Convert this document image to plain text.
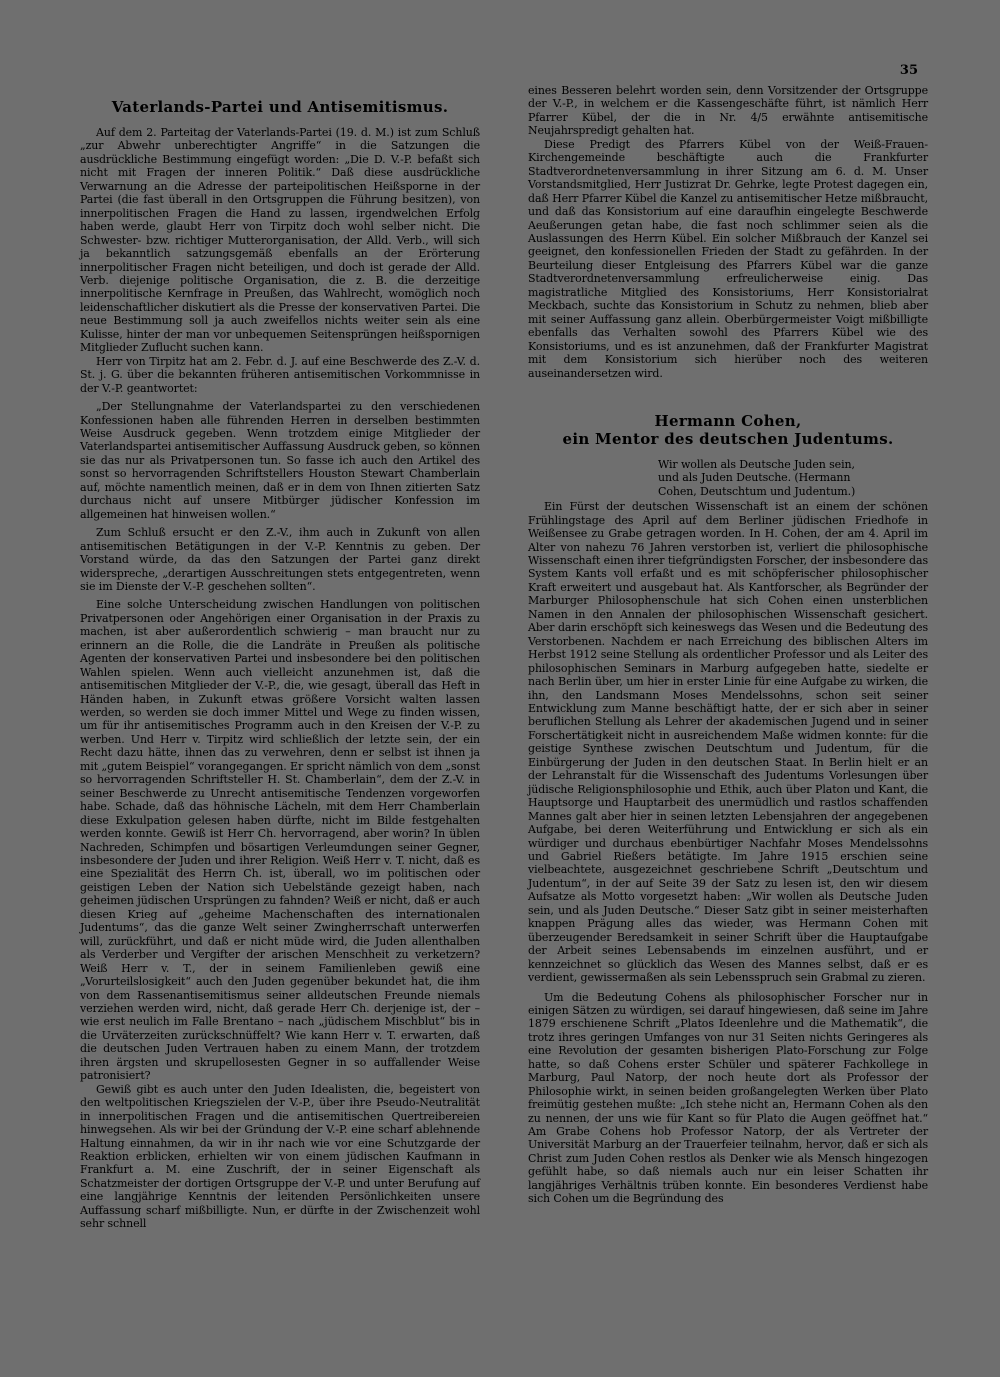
35
Vaterlands-Partei und Antisemitismus.

Auf dem 2. Parteitag der Vaterlands-Partei (19. d. M.) ist zum Schluß „zur Abwehr unberechtigter Angriffe“ in die Satzungen die ausdrückliche Bestimmung eingefügt worden: „Die D. V.-P. befaßt sich nicht mit Fragen der inneren Politik.“ Daß diese ausdrückliche Verwarnung an die Adresse der parteipolitischen Heißsporne in der Partei (die fast überall in den Ortsgruppen die Führung besitzen), von innerpolitischen Fragen die Hand zu lassen, irgendwelchen Erfolg haben werde, glaubt Herr von Tirpitz doch wohl selber nicht. Die Schwester- bzw. richtiger Mutterorganisation, der Alld. Verb., will sich ja bekanntlich satzungsgemäß ebenfalls an der Erörterung innerpolitischer Fragen nicht beteiligen, und doch ist gerade der Alld. Verb. diejenige politische Organisation, die z. B. die derzeitige innerpolitische Kernfrage in Preußen, das Wahlrecht, womöglich noch leidenschaftlicher diskutiert als die Presse der konservativen Partei. Die neue Bestimmung soll ja auch zweifellos nichts weiter sein als eine Kulisse, hinter der man vor unbequemen Seitensprüngen heißspornigen Mitglieder Zuflucht suchen kann.

Herr von Tirpitz hat am 2. Febr. d. J. auf eine Beschwerde des Z.-V. d. St. j. G. über die bekannten früheren antisemitischen Vorkommnisse in der V.-P. geantwortet:

„Der Stellungnahme der Vaterlandspartei zu den verschiedenen Konfessionen haben alle führenden Herren in derselben bestimmten Weise Ausdruck gegeben. Wenn trotzdem einige Mitglieder der Vaterlandspartei antisemitischer Auffassung Ausdruck geben, so können sie das nur als Privatpersonen tun. So fasse ich auch den Artikel des sonst so hervorragenden Schriftstellers Houston Stewart Chamberlain auf, möchte namentlich meinen, daß er in dem von Ihnen zitierten Satz durchaus nicht auf unsere Mitbürger jüdischer Konfession im allgemeinen hat hinweisen wollen.“

Zum Schluß ersucht er den Z.-V., ihm auch in Zukunft von allen antisemitischen Betätigungen in der V.-P. Kenntnis zu geben. Der Vorstand würde, da das den Satzungen der Partei ganz direkt widerspreche, „derartigen Ausschreitungen stets entgegentreten, wenn sie im Dienste der V.-P. geschehen sollten“.

Eine solche Unterscheidung zwischen Handlungen von politischen Privatpersonen oder Angehörigen einer Organisation in der Praxis zu machen, ist aber außerordentlich schwierig – man braucht nur zu erinnern an die Rolle, die die Landräte in Preußen als politische Agenten der konservativen Partei und insbesondere bei den politischen Wahlen spielen. Wenn auch vielleicht anzunehmen ist, daß die antisemitischen Mitglieder der V.-P., die, wie gesagt, überall das Heft in Händen haben, in Zukunft etwas größere Vorsicht walten lassen werden, so werden sie doch immer Mittel und Wege zu finden wissen, um für ihr antisemitisches Programm auch in den Kreisen der V.-P. zu werben. Und Herr v. Tirpitz wird schließlich der letzte sein, der ein Recht dazu hätte, ihnen das zu verwehren, denn er selbst ist ihnen ja mit „gutem Beispiel“ vorangegangen. Er spricht nämlich von dem „sonst so hervorragenden Schriftsteller H. St. Chamberlain“, dem der Z.-V. in seiner Beschwerde zu Unrecht antisemitische Tendenzen vorgeworfen habe. Schade, daß das höhnische Lächeln, mit dem Herr Chamberlain diese Exkulpation gelesen haben dürfte, nicht im Bilde festgehalten werden konnte. Gewiß ist Herr Ch. hervorragend, aber worin? In üblen Nachreden, Schimpfen und bösartigen Verleumdungen seiner Gegner, insbesondere der Juden und ihrer Religion. Weiß Herr v. T. nicht, daß es eine Spezialität des Herrn Ch. ist, überall, wo im politischen oder geistigen Leben der Nation sich Uebelstände gezeigt haben, nach geheimen jüdischen Ursprüngen zu fahnden? Weiß er nicht, daß er auch diesen Krieg auf „geheime Machenschaften des internationalen Judentums“, das die ganze Welt seiner Zwingherrschaft unterwerfen will, zurückführt, und daß er nicht müde wird, die Juden allenthalben als Verderber und Vergifter der arischen Menschheit zu verketzern? Weiß Herr v. T., der in seinem Familienleben gewiß eine „Vorurteilslosigkeit“ auch den Juden gegenüber bekundet hat, die ihm von dem Rassenantisemitismus seiner alldeutschen Freunde niemals verziehen werden wird, nicht, daß gerade Herr Ch. derjenige ist, der – wie erst neulich im Falle Brentano – nach „jüdischem Mischblut“ bis in die Urväterzeiten zurückschnüffelt? Wie kann Herr v. T. erwarten, daß die deutschen Juden Vertrauen haben zu einem Mann, der trotzdem ihren ärgsten und skrupellosesten Gegner in so auffallender Weise patronisiert?

Gewiß gibt es auch unter den Juden Idealisten, die, begeistert von den weltpolitischen Kriegszielen der V.-P., über ihre Pseudo-Neutralität in innerpolitischen Fragen und die antisemitischen Quertreibereien hinwegsehen. Als wir bei der Gründung der V.-P. eine scharf ablehnende Haltung einnahmen, da wir in ihr nach wie vor eine Schutzgarde der Reaktion erblicken, erhielten wir von einem jüdischen Kaufmann in Frankfurt a. M. eine Zuschrift, der in seiner Eigenschaft als Schatzmeister der dortigen Ortsgruppe der V.-P. und unter Berufung auf eine langjährige Kenntnis der leitenden Persönlichkeiten unsere Auffassung scharf mißbilligte. Nun, er dürfte in der Zwischenzeit wohl sehr schnell

eines Besseren belehrt worden sein, denn Vorsitzender der Ortsgruppe der V.-P., in welchem er die Kassengeschäfte führt, ist nämlich Herr Pfarrer Kübel, der die in Nr. 4/5 erwähnte antisemitische Neujahrspredigt gehalten hat.

Diese Predigt des Pfarrers Kübel von der Weiß-Frauen-Kirchengemeinde beschäftigte auch die Frankfurter Stadtverordnetenversammlung in ihrer Sitzung am 6. d. M. Unser Vorstandsmitglied, Herr Justizrat Dr. Gehrke, legte Protest dagegen ein, daß Herr Pfarrer Kübel die Kanzel zu antisemitischer Hetze mißbraucht, und daß das Konsistorium auf eine daraufhin eingelegte Beschwerde Aeußerungen getan habe, die fast noch schlimmer seien als die Auslassungen des Herrn Kübel. Ein solcher Mißbrauch der Kanzel sei geeignet, den konfessionellen Frieden der Stadt zu gefährden. In der Beurteilung dieser Entgleisung des Pfarrers Kübel war die ganze Stadtverordnetenversammlung erfreulicherweise einig. Das magistratliche Mitglied des Konsistoriums, Herr Konsistorialrat Meckbach, suchte das Konsistorium in Schutz zu nehmen, blieb aber mit seiner Auffassung ganz allein. Oberbürgermeister Voigt mißbilligte ebenfalls das Verhalten sowohl des Pfarrers Kübel wie des Konsistoriums, und es ist anzunehmen, daß der Frankfurter Magistrat mit dem Konsistorium sich hierüber noch des weiteren auseinandersetzen wird.

Hermann Cohen,
ein Mentor des deutschen Judentums.
Wir wollen als Deutsche Juden sein,
und als Juden Deutsche. (Hermann
Cohen, Deutschtum und Judentum.)

Ein Fürst der deutschen Wissenschaft ist an einem der schönen Frühlingstage des April auf dem Berliner jüdischen Friedhofe in Weißensee zu Grabe getragen worden. In H. Cohen, der am 4. April im Alter von nahezu 76 Jahren verstorben ist, verliert die philosophische Wissenschaft einen ihrer tiefgründigsten Forscher, der insbesondere das System Kants voll erfaßt und es mit schöpferischer philosophischer Kraft erweitert und ausgebaut hat. Als Kantforscher, als Begründer der Marburger Philosophenschule hat sich Cohen einen unsterblichen Namen in den Annalen der philosophischen Wissenschaft gesichert. Aber darin erschöpft sich keineswegs das Wesen und die Bedeutung des Verstorbenen. Nachdem er nach Erreichung des biblischen Alters im Herbst 1912 seine Stellung als ordentlicher Professor und als Leiter des philosophischen Seminars in Marburg aufgegeben hatte, siedelte er nach Berlin über, um hier in erster Linie für eine Aufgabe zu wirken, die ihn, den Landsmann Moses Mendelssohns, schon seit seiner Entwicklung zum Manne beschäftigt hatte, der er sich aber in seiner beruflichen Stellung als Lehrer der akademischen Jugend und in seiner Forschertätigkeit nicht in ausreichendem Maße widmen konnte: für die geistige Synthese zwischen Deutschtum und Judentum, für die Einbürgerung der Juden in den deutschen Staat. In Berlin hielt er an der Lehranstalt für die Wissenschaft des Judentums Vorlesungen über jüdische Religionsphilosophie und Ethik, auch über Platon und Kant, die Hauptsorge und Hauptarbeit des unermüdlich und rastlos schaffenden Mannes galt aber hier in seinen letzten Lebensjahren der angegebenen Aufgabe, bei deren Weiterführung und Entwicklung er sich als ein würdiger und durchaus ebenbürtiger Nachfahr Moses Mendelssohns und Gabriel Rießers betätigte. Im Jahre 1915 erschien seine vielbeachtete, ausgezeichnet geschriebene Schrift „Deutschtum und Judentum“, in der auf Seite 39 der Satz zu lesen ist, den wir diesem Aufsatze als Motto vorgesetzt haben: „Wir wollen als Deutsche Juden sein, und als Juden Deutsche.“ Dieser Satz gibt in seiner meisterhaften knappen Prägung alles das wieder, was Hermann Cohen mit überzeugender Beredsamkeit in seiner Schrift über die Hauptaufgabe der Arbeit seines Lebensabends im einzelnen ausführt, und er kennzeichnet so glücklich das Wesen des Mannes selbst, daß er es verdient, gewissermaßen als sein Lebensspruch sein Grabmal zu zieren.

Um die Bedeutung Cohens als philosophischer Forscher nur in einigen Sätzen zu würdigen, sei darauf hingewiesen, daß seine im Jahre 1879 erschienene Schrift „Platos Ideenlehre und die Mathematik“, die trotz ihres geringen Umfanges von nur 31 Seiten nichts Geringeres als eine Revolution der gesamten bisherigen Plato-Forschung zur Folge hatte, so daß Cohens erster Schüler und späterer Fachkollege in Marburg, Paul Natorp, der noch heute dort als Professor der Philosophie wirkt, in seinen beiden großangelegten Werken über Plato freimütig gestehen mußte: „Ich stehe nicht an, Hermann Cohen als den zu nennen, der uns wie für Kant so für Plato die Augen geöffnet hat.“ Am Grabe Cohens hob Professor Natorp, der als Vertreter der Universität Marburg an der Trauerfeier teilnahm, hervor, daß er sich als Christ zum Juden Cohen restlos als Denker wie als Mensch hingezogen gefühlt habe, so daß niemals auch nur ein leiser Schatten ihr langjähriges Verhältnis trüben konnte. Ein besonderes Verdienst habe sich Cohen um die Begründung des
